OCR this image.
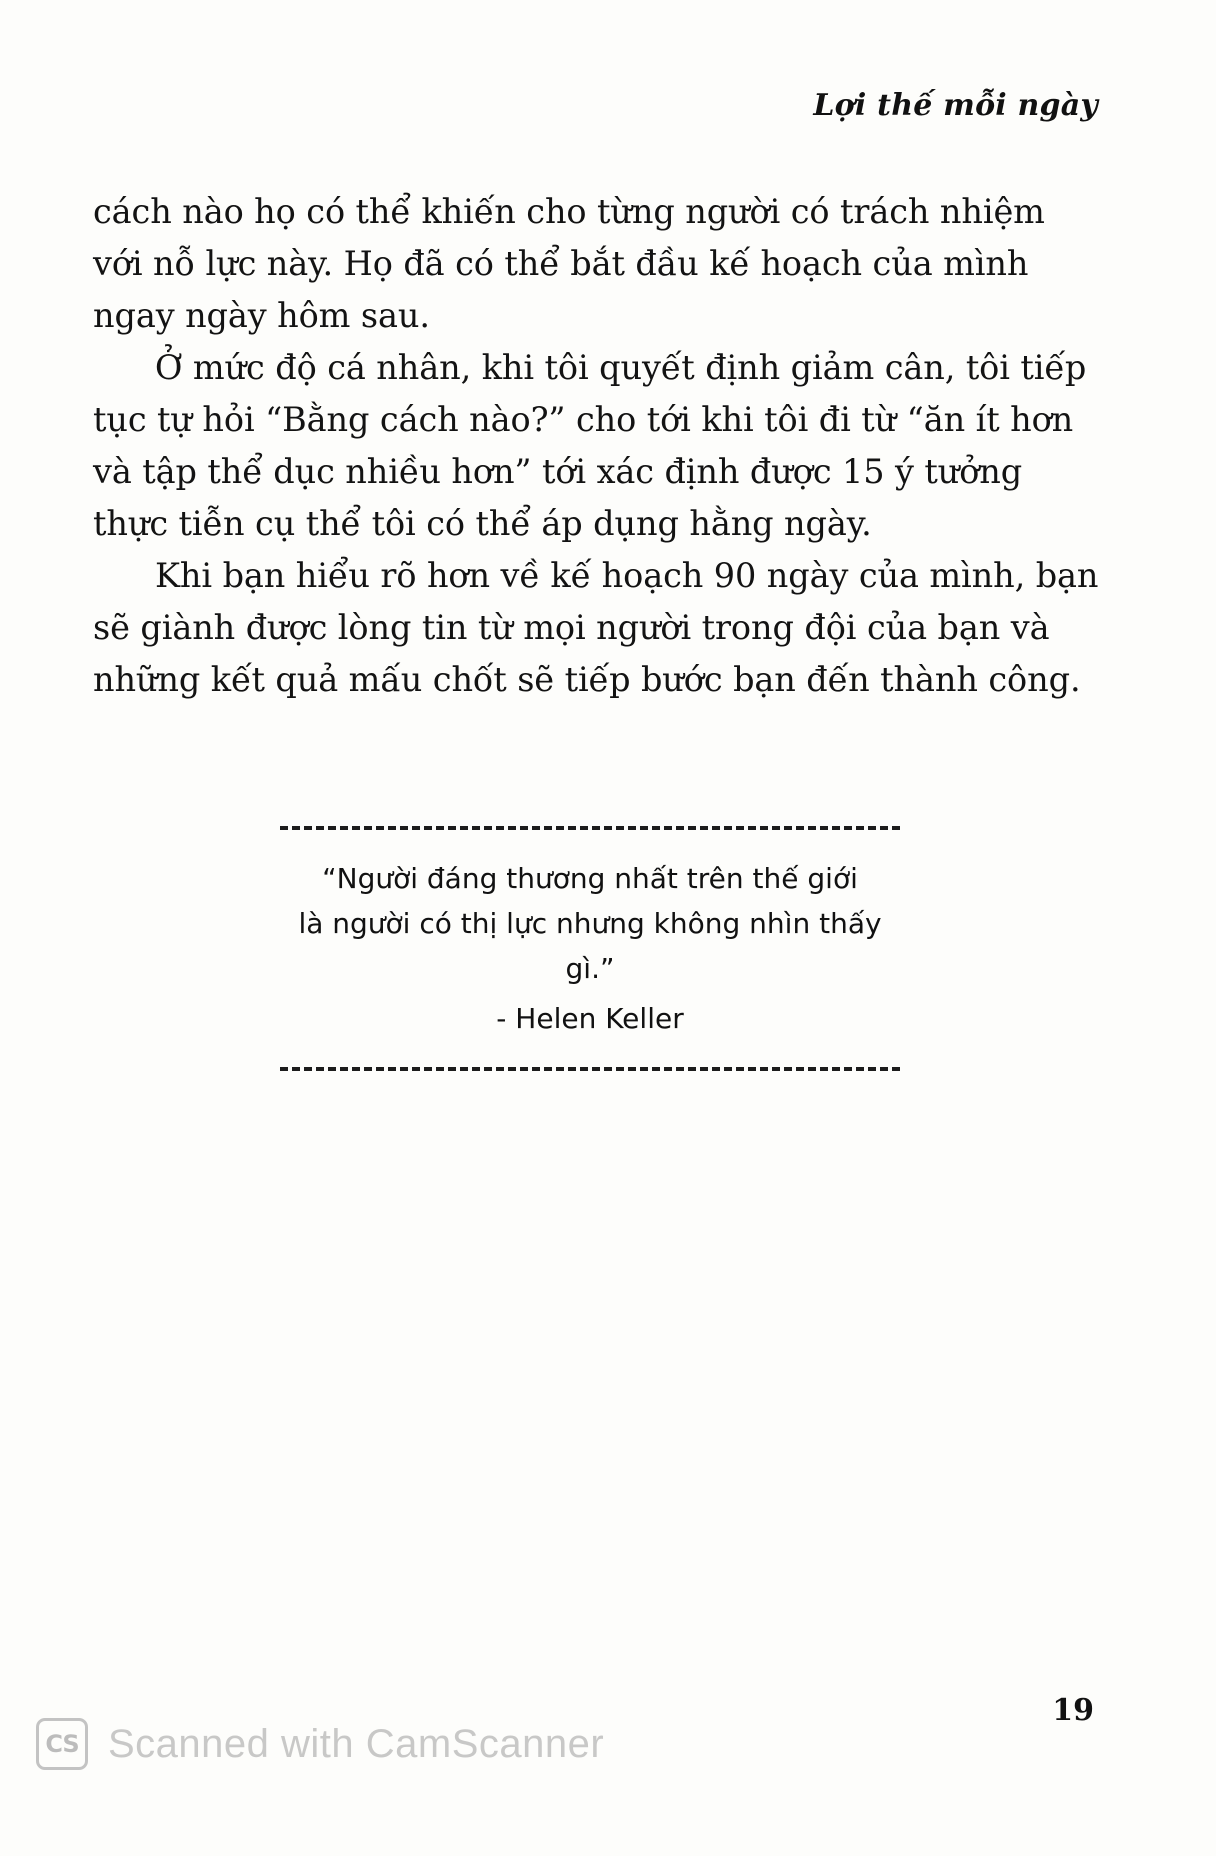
Lợi thế mỗi ngày

cách nào họ có thể khiến cho từng người có trách nhiệm với nỗ lực này. Họ đã có thể bắt đầu kế hoạch của mình ngay ngày hôm sau.

Ở mức độ cá nhân, khi tôi quyết định giảm cân, tôi tiếp tục tự hỏi “Bằng cách nào?” cho tới khi tôi đi từ “ăn ít hơn và tập thể dục nhiều hơn” tới xác định được 15 ý tưởng thực tiễn cụ thể tôi có thể áp dụng hằng ngày.

Khi bạn hiểu rõ hơn về kế hoạch 90 ngày của mình, bạn sẽ giành được lòng tin từ mọi người trong đội của bạn và những kết quả mấu chốt sẽ tiếp bước bạn đến thành công.

“Người đáng thương nhất trên thế giới
là người có thị lực nhưng không nhìn thấy gì.”
- Helen Keller
19
CS Scanned with CamScanner
